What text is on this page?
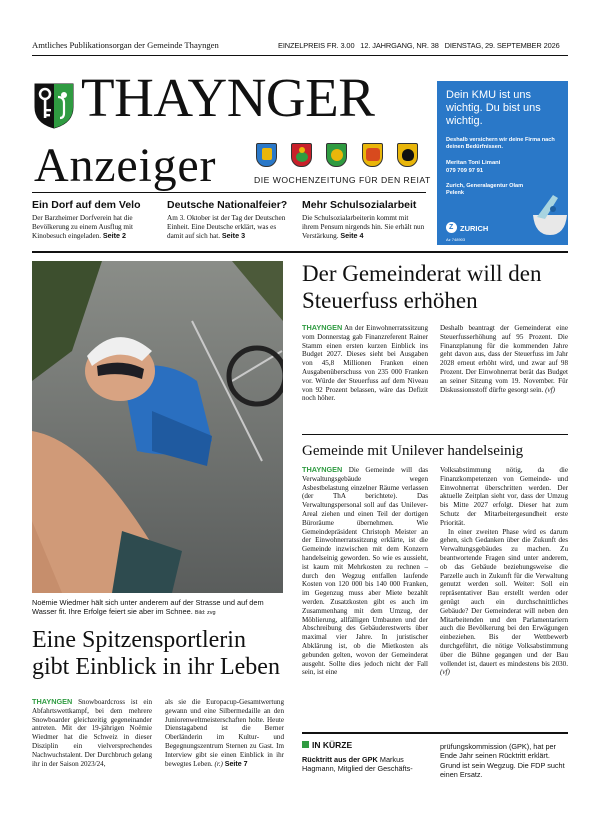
Amtliches Publikationsorgan der Gemeinde Thayngen	EINZELPREIS FR. 3.00   12. JAHRGANG, NR. 38   DIENSTAG, 29. SEPTEMBER 2026
THAYNGER
Anzeiger	DIE WOCHENZEITUNG FÜR DEN REIAT
Dein KMU ist uns wichtig. Du bist uns wichtig.
Deshalb versichern wir deine Firma nach deinen Bedürfnissen.
Meritan Toni Limani
079 709 97 91
Zurich, Generalagentur Olam Pelenk
Z ZURICH
Az 748903
Ein Dorf auf dem Velo
Der Barzheimer Dorfverein hat die Bevölkerung zu einem Ausflug mit Kinobesuch eingeladen. Seite 2
Deutsche Nationalfeier?
Am 3. Oktober ist der Tag der Deutschen Einheit. Eine Deutsche erklärt, was es damit auf sich hat. Seite 3
Mehr Schulsozialarbeit
Die Schulsozialarbeiterin kommt mit ihrem Pensum nirgends hin. Sie erhält nun Verstärkung. Seite 4
Noëmie Wiedmer hält sich unter anderem auf der Strasse und auf dem Wasser fit. Ihre Erfolge feiert sie aber im Schnee. Bild: zvg
Eine Spitzensportlerin gibt Einblick in ihr Leben

THAYNGEN Snowboardcross ist ein Abfahrtswettkampf, bei dem mehrere Snowboarder gleichzeitig gegeneinander antreten. Mit der 19-jährigen Noëmie Wiedmer hat die Schweiz in dieser Disziplin ein vielversprechendes Nachwuchstalent. Der Durchbruch gelang ihr in der Saison 2023/24,

als sie die Europacup-Gesamtwertung gewann und eine Silbermedaille an den Juniorenweltmeisterschaften holte. Heute Dienstagabend ist die Berner Oberländerin im Kultur- und Begegnungszentrum Sternen zu Gast. Im Interview gibt sie einen Einblick in ihr bewegtes Leben. (r.) Seite 7

Der Gemeinderat will den Steuerfuss erhöhen

THAYNGEN An der Einwohnerratssitzung vom Donnerstag gab Finanzreferent Rainer Stamm einen ersten kurzen Einblick ins Budget 2027. Dieses sieht bei Ausgaben von 45,8 Millionen Franken einen Ausgabenüberschuss von 235 000 Franken vor. Würde der Steuerfuss auf dem Niveau von 92 Prozent belassen, wäre das Defizit noch höher.

Deshalb beantragt der Gemeinderat eine Steuerfusserhöhung auf 95 Prozent. Die Finanzplanung für die kommenden Jahre geht davon aus, dass der Steuerfuss im Jahr 2028 erneut erhöht wird, und zwar auf 98 Prozent. Der Einwohnerrat berät das Budget an seiner Sitzung vom 19. November. Für Diskussionsstoff dürfte gesorgt sein. (vf)

Gemeinde mit Unilever handelseinig

THAYNGEN Die Gemeinde will das Verwaltungsgebäude wegen Asbestbelastung einzelner Räume verlassen (der ThA berichtete). Das Verwaltungspersonal soll auf das Unilever-Areal ziehen und einen Teil der dortigen Büroräume übernehmen. Wie Gemeindepräsident Christoph Meister an der Einwohnerratssitzung erklärte, ist die Gemeinde inzwischen mit dem Konzern handelseinig geworden. So wie es aussieht, ist kaum mit Mehrkosten zu rechnen – durch den Wegzug entfallen laufende Kosten von 120 000 bis 140 000 Franken, im Gegenzug muss aber Miete bezahlt werden. Zusatzkosten gibt es auch im Zusammenhang mit dem Umzug, der Möblierung, allfälligen Umbauten und der Abschreibung des Gebäuderestwerts über maximal vier Jahre. In juristischer Abklärung ist, ob die Mietkosten als gebunden gelten, wovon der Gemeinderat ausgeht. Sollte dies jedoch nicht der Fall sein, ist eine

Volksabstimmung nötig, da die Finanzkompetenzen von Gemeinde- und Einwohnerrat überschritten werden. Der aktuelle Zeitplan sieht vor, dass der Umzug bis Mitte 2027 erfolgt. Dieser hat zum Schutz der Mitarbeitergesundheit erste Priorität.

In einer zweiten Phase wird es darum gehen, sich Gedanken über die Zukunft des Verwaltungsgebäudes zu machen. Zu beantwortende Fragen sind unter anderem, ob das Gebäude beziehungsweise die Parzelle auch in Zukunft für die Verwaltung genutzt werden soll. Weiter: Soll ein repräsentativer Bau erstellt werden oder genügt auch ein durchschnittliches Gebäude? Der Gemeinderat will neben den Mitarbeitenden und den Parlamentariern auch die Bevölkerung bei den Erwägungen einbeziehen. Bis der Wettbewerb durchgeführt, die nötige Volksabstimmung über die Bühne gegangen und der Bau vollendet ist, dauert es mindestens bis 2030. (vf)

IN KÜRZE
Rücktritt aus der GPK Markus Hagmann, Mitglied der Geschäfts-
prüfungskommission (GPK), hat per Ende Jahr seinen Rücktritt erklärt. Grund ist sein Wegzug. Die FDP sucht einen Ersatz.
